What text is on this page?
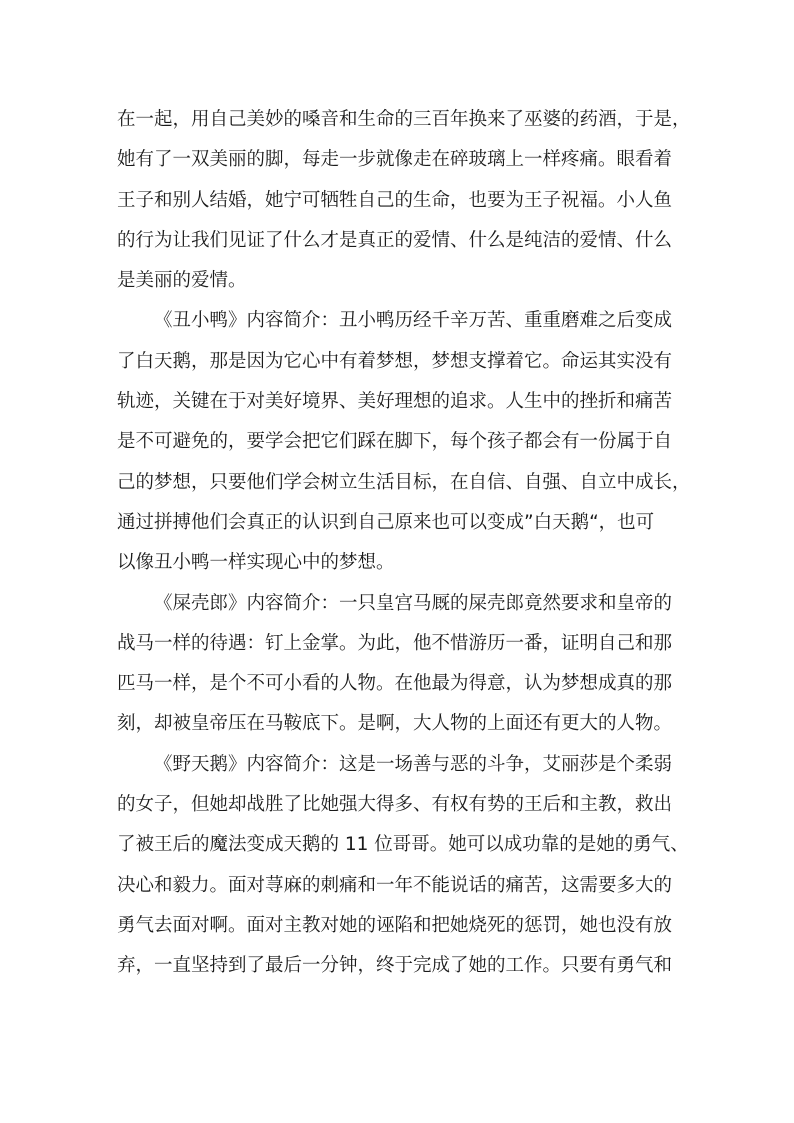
在一起，用自己美妙的嗓音和生命的三百年换来了巫婆的药酒，于是，
她有了一双美丽的脚，每走一步就像走在碎玻璃上一样疼痛。眼看着
王子和别人结婚，她宁可牺牲自己的生命，也要为王子祝福。小人鱼
的行为让我们见证了什么才是真正的爱情、什么是纯洁的爱情、什么
是美丽的爱情。
《丑小鸭》内容简介：丑小鸭历经千辛万苦、重重磨难之后变成
了白天鹅，那是因为它心中有着梦想，梦想支撑着它。命运其实没有
轨迹，关键在于对美好境界、美好理想的追求。人生中的挫折和痛苦
是不可避免的，要学会把它们踩在脚下，每个孩子都会有一份属于自
己的梦想，只要他们学会树立生活目标，在自信、自强、自立中成长，
通过拼搏他们会真正的认识到自己原来也可以变成”白天鹅“，也可
以像丑小鸭一样实现心中的梦想。
《屎壳郎》内容简介：一只皇宫马厩的屎壳郎竟然要求和皇帝的
战马一样的待遇：钉上金掌。为此，他不惜游历一番，证明自己和那
匹马一样，是个不可小看的人物。在他最为得意，认为梦想成真的那
刻，却被皇帝压在马鞍底下。是啊，大人物的上面还有更大的人物。
《野天鹅》内容简介：这是一场善与恶的斗争，艾丽莎是个柔弱
的女子，但她却战胜了比她强大得多、有权有势的王后和主教，救出
了被王后的魔法变成天鹅的 11 位哥哥。她可以成功靠的是她的勇气、
决心和毅力。面对荨麻的刺痛和一年不能说话的痛苦，这需要多大的
勇气去面对啊。面对主教对她的诬陷和把她烧死的惩罚，她也没有放
弃，一直坚持到了最后一分钟，终于完成了她的工作。只要有勇气和
